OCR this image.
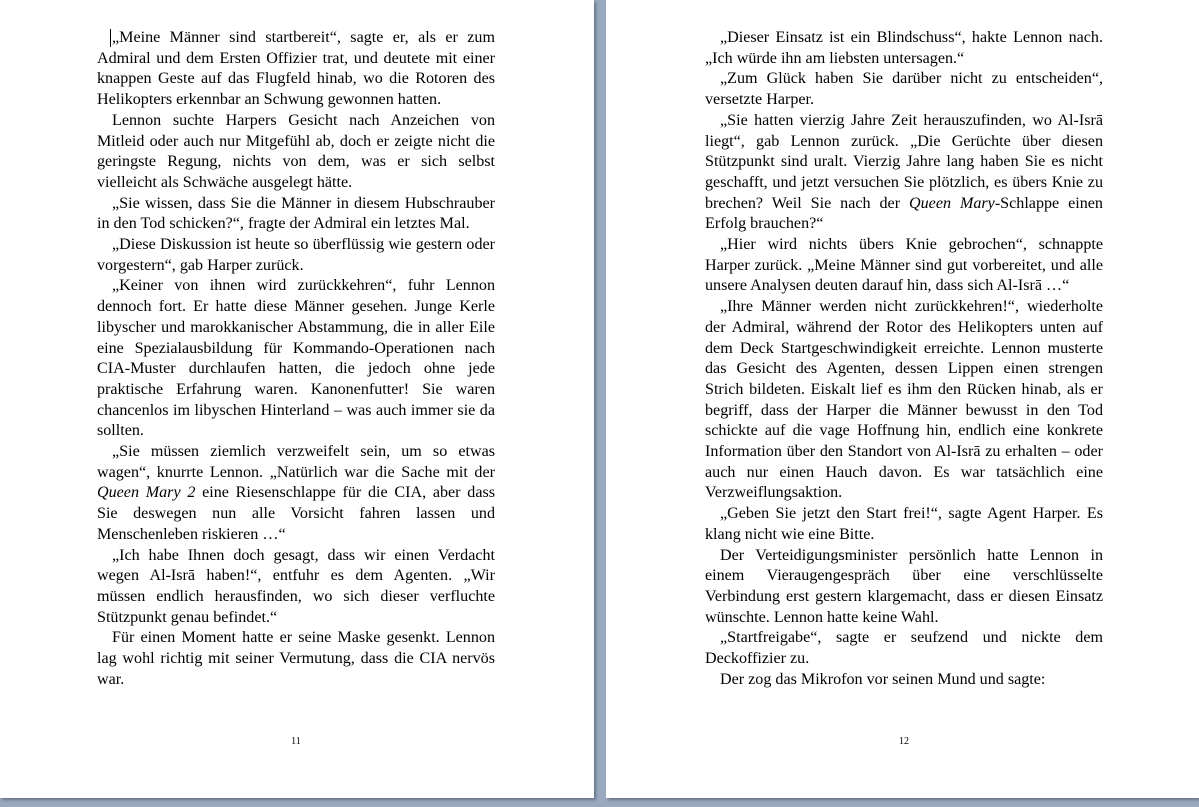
„Meine Männer sind startbereit“, sagte er, als er zum Admiral und dem Ersten Offizier trat, und deutete mit einer knappen Geste auf das Flugfeld hinab, wo die Rotoren des Helikopters erkennbar an Schwung gewonnen hatten.

Lennon suchte Harpers Gesicht nach Anzeichen von Mitleid oder auch nur Mitgefühl ab, doch er zeigte nicht die geringste Regung, nichts von dem, was er sich selbst vielleicht als Schwäche ausgelegt hätte.

„Sie wissen, dass Sie die Männer in diesem Hubschrauber in den Tod schicken?“, fragte der Admiral ein letztes Mal.

„Diese Diskussion ist heute so überflüssig wie gestern oder vorgestern“, gab Harper zurück.

„Keiner von ihnen wird zurückkehren“, fuhr Lennon dennoch fort. Er hatte diese Männer gesehen. Junge Kerle libyscher und marokkanischer Abstammung, die in aller Eile eine Spezialausbildung für Kommando-Operationen nach CIA-Muster durchlaufen hatten, die jedoch ohne jede praktische Erfahrung waren. Kanonenfutter! Sie waren chancenlos im libyschen Hinterland – was auch immer sie da sollten.

„Sie müssen ziemlich verzweifelt sein, um so etwas wagen“, knurrte Lennon. „Natürlich war die Sache mit der Queen Mary 2 eine Riesenschlappe für die CIA, aber dass Sie deswegen nun alle Vorsicht fahren lassen und Menschenleben riskieren …“

„Ich habe Ihnen doch gesagt, dass wir einen Verdacht wegen Al-Isrā haben!“, entfuhr es dem Agenten. „Wir müssen endlich herausfinden, wo sich dieser verfluchte Stützpunkt genau befindet.“

Für einen Moment hatte er seine Maske gesenkt. Lennon lag wohl richtig mit seiner Vermutung, dass die CIA nervös war.

11

„Dieser Einsatz ist ein Blindschuss“, hakte Lennon nach. „Ich würde ihn am liebsten untersagen.“

„Zum Glück haben Sie darüber nicht zu entscheiden“, versetzte Harper.

„Sie hatten vierzig Jahre Zeit herauszufinden, wo Al-Isrā liegt“, gab Lennon zurück. „Die Gerüchte über diesen Stützpunkt sind uralt. Vierzig Jahre lang haben Sie es nicht geschafft, und jetzt versuchen Sie plötzlich, es übers Knie zu brechen? Weil Sie nach der Queen Mary-Schlappe einen Erfolg brauchen?“

„Hier wird nichts übers Knie gebrochen“, schnappte Harper zurück. „Meine Männer sind gut vorbereitet, und alle unsere Analysen deuten darauf hin, dass sich Al-Isrā …“

„Ihre Männer werden nicht zurückkehren!“, wiederholte der Admiral, während der Rotor des Helikopters unten auf dem Deck Startgeschwindigkeit erreichte. Lennon musterte das Gesicht des Agenten, dessen Lippen einen strengen Strich bildeten. Eiskalt lief es ihm den Rücken hinab, als er begriff, dass der Harper die Männer bewusst in den Tod schickte auf die vage Hoffnung hin, endlich eine konkrete Information über den Standort von Al-Isrā zu erhalten – oder auch nur einen Hauch davon. Es war tatsächlich eine Verzweiflungsaktion.

„Geben Sie jetzt den Start frei!“, sagte Agent Harper. Es klang nicht wie eine Bitte.

Der Verteidigungsminister persönlich hatte Lennon in einem Vieraugengespräch über eine verschlüsselte Verbindung erst gestern klargemacht, dass er diesen Einsatz wünschte. Lennon hatte keine Wahl.

„Startfreigabe“, sagte er seufzend und nickte dem Deckoffizier zu.

Der zog das Mikrofon vor seinen Mund und sagte:

12
